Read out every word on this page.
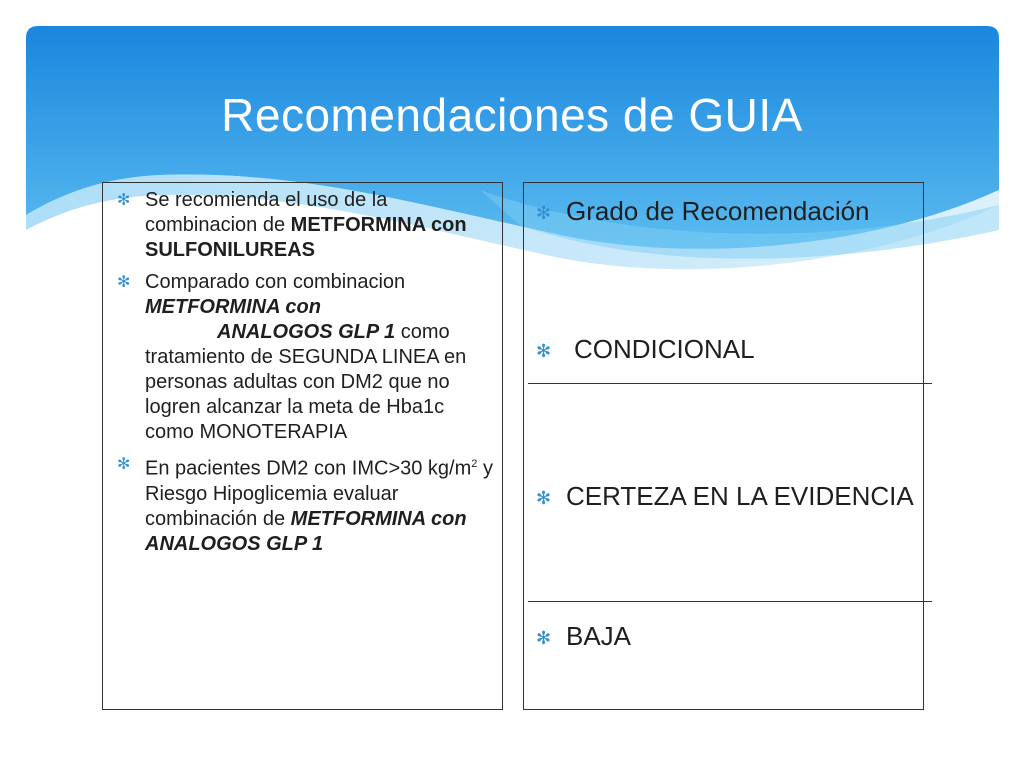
Recomendaciones de GUIA
✻ Se recomienda el uso de la combinacion de METFORMINA con SULFONILUREAS
✻ Comparado con combinacion METFORMINA con
ANALOGOS GLP 1 como tratamiento de SEGUNDA LINEA en personas adultas con DM2 que no logren alcanzar la meta de Hba1c como MONOTERAPIA
✻ En pacientes DM2 con IMC>30 $kg/m^2$ y Riesgo Hipoglicemia evaluar combinación de METFORMINA con ANALOGOS GLP 1
✻ Grado de Recomendación
✻ CONDICIONAL
✻ CERTEZA EN LA EVIDENCIA
✻ BAJA
